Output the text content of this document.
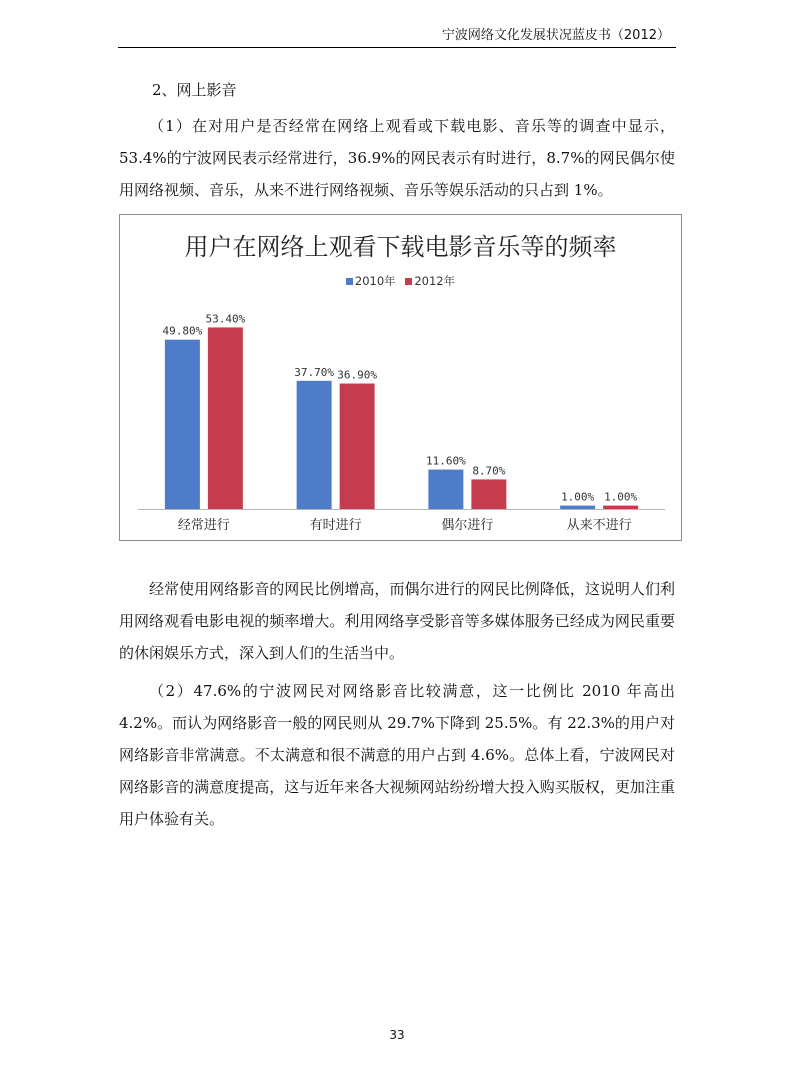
宁波网络文化发展状况蓝皮书（2012）
2、网上影音

（1）在对用户是否经常在网络上观看或下载电影、音乐等的调查中显示，53.4%的宁波网民表示经常进行，36.9%的网民表示有时进行，8.7%的网民偶尔使用网络视频、音乐，从来不进行网络视频、音乐等娱乐活动的只占到 1%。

用户在网络上观看下载电影音乐等的频率
2010年
2012年
49.80%
53.40%
经常进行
37.70% 36.90%
有时进行
11.60%
8.70%
偶尔进行
1.00% 1.00%
从来不进行

经常使用网络影音的网民比例增高，而偶尔进行的网民比例降低，这说明人们利用网络观看电影电视的频率增大。利用网络享受影音等多媒体服务已经成为网民重要的休闲娱乐方式，深入到人们的生活当中。

（2）47.6%的宁波网民对网络影音比较满意，这一比例比 2010 年高出 4.2%。而认为网络影音一般的网民则从 29.7%下降到 25.5%。有 22.3%的用户对网络影音非常满意。不太满意和很不满意的用户占到 4.6%。总体上看，宁波网民对网络影音的满意度提高，这与近年来各大视频网站纷纷增大投入购买版权，更加注重用户体验有关。

33
